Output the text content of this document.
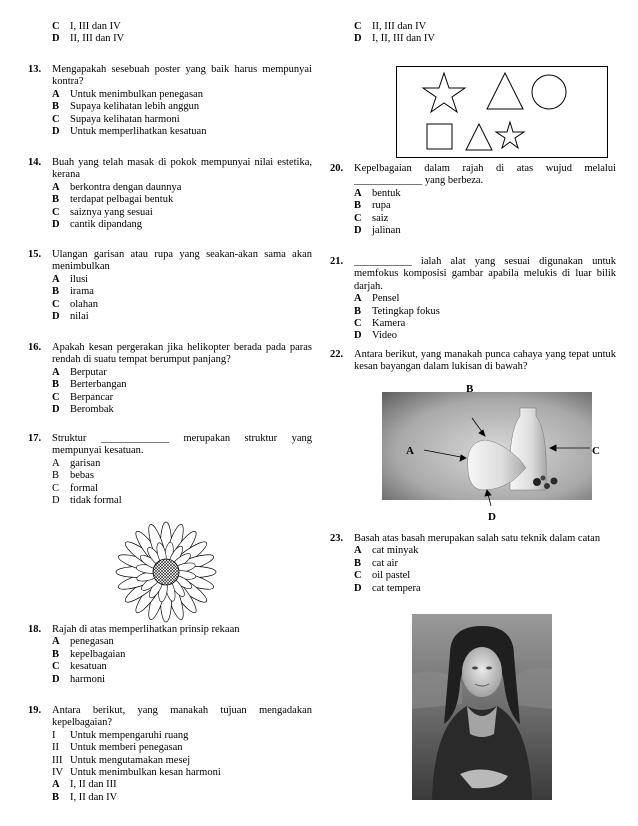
C I, III dan IV
D II, III dan IV
13. Mengapakah sesebuah poster yang baik harus mempunyai kontra?
A Untuk menimbulkan penegasan
B Supaya kelihatan lebih anggun
C Supaya kelihatan harmoni
D Untuk memperlihatkan kesatuan
14. Buah yang telah masak di pokok mempunyai nilai estetika, kerana
A berkontra dengan daunnya
B terdapat pelbagai bentuk
C saiznya yang sesuai
D cantik dipandang
15. Ulangan garisan atau rupa yang seakan-akan sama akan menimbulkan
A ilusi
B irama
C olahan
D nilai
16. Apakah kesan pergerakan jika helikopter berada pada paras rendah di suatu tempat berumput panjang?
A Berputar
B Berterbangan
C Berpancar
D Berombak
17. Struktur _____________ merupakan struktur yang mempunyai kesatuan.
A garisan
B bebas
C formal
D tidak formal
18. Rajah di atas memperlihatkan prinsip rekaan
A penegasan
B kepelbagaian
C kesatuan
D harmoni
19. Antara berikut, yang manakah tujuan mengadakan kepelbagaian?
I Untuk mempengaruhi ruang
II Untuk memberi penegasan
III Untuk mengutamakan mesej
IV Untuk menimbulkan kesan harmoni
A I, II dan III
B I, II dan IV
C II, III dan IV
D I, II, III dan IV
20. Kepelbagaian dalam rajah di atas wujud melalui _____________ yang berbeza.
A bentuk
B rupa
C saiz
D jalinan
21. ___________ ialah alat yang sesuai digunakan untuk memfokus komposisi gambar apabila melukis di luar bilik darjah.
A Pensel
B Tetingkap fokus
C Kamera
D Video
22. Antara berikut, yang manakah punca cahaya yang tepat untuk kesan bayangan dalam lukisan di bawah?
B
A	C
D
23. Basah atas basah merupakan salah satu teknik dalam catan
A cat minyak
B cat air
C oil pastel
D cat tempera
